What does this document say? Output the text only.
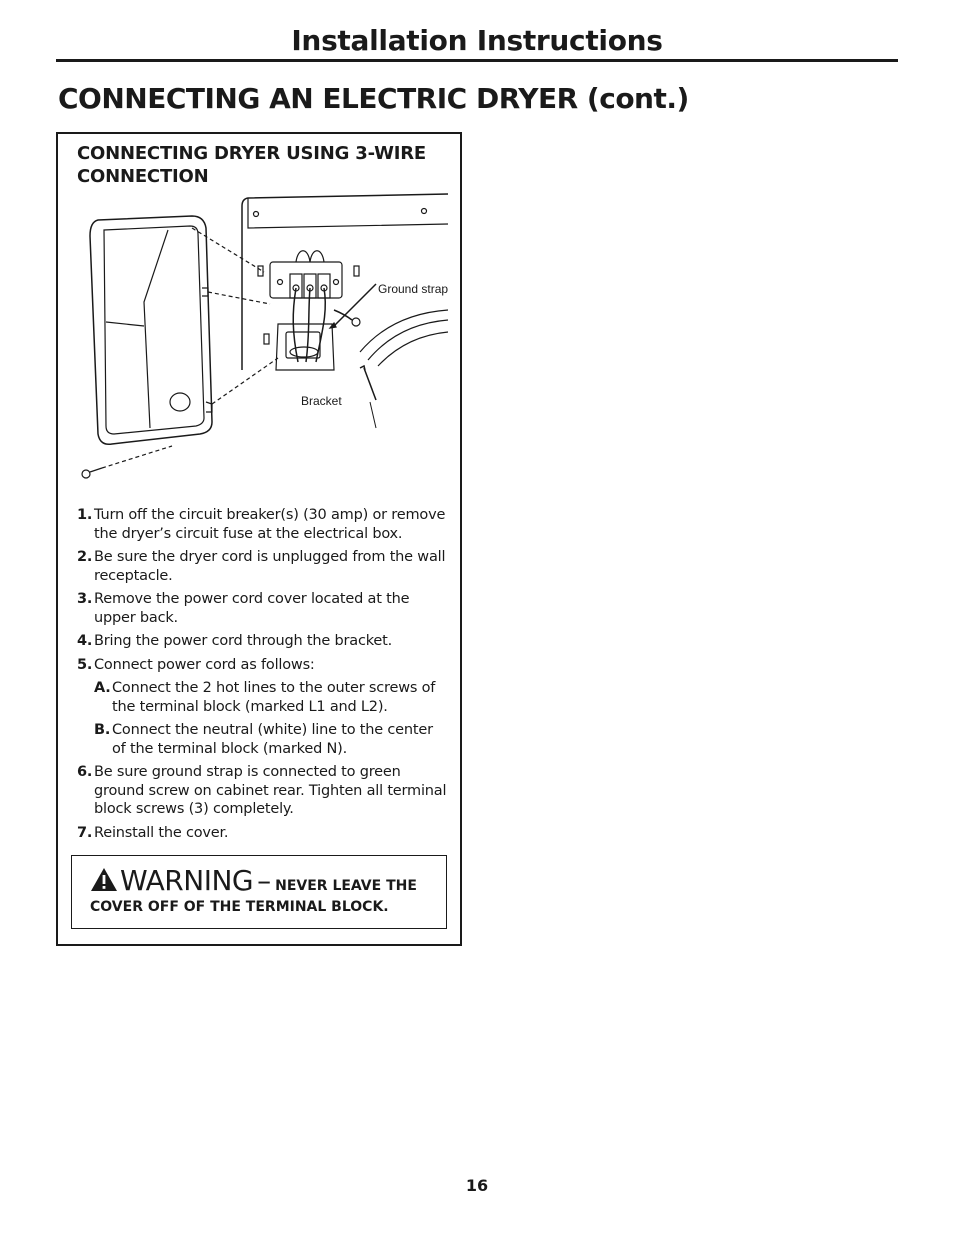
Installation Instructions
CONNECTING AN ELECTRIC DRYER (cont.)
CONNECTING DRYER USING 3-WIRE CONNECTION
Ground strap
Bracket
1. Turn off the circuit breaker(s) (30 amp) or remove the dryer’s circuit fuse at the electrical box.
2. Be sure the dryer cord is unplugged from the wall receptacle.
3. Remove the power cord cover located at the upper back.
4. Bring the power cord through the bracket.
5. Connect power cord as follows:
A. Connect the 2 hot lines to the outer screws of the terminal block (marked L1 and L2).
B. Connect the neutral (white) line to the center of the terminal block (marked N).
6. Be sure ground strap is connected to green ground screw on cabinet rear. Tighten all terminal block screws (3) completely.
7. Reinstall the cover.
WARNING – NEVER LEAVE THE
COVER OFF OF THE TERMINAL BLOCK.
16
